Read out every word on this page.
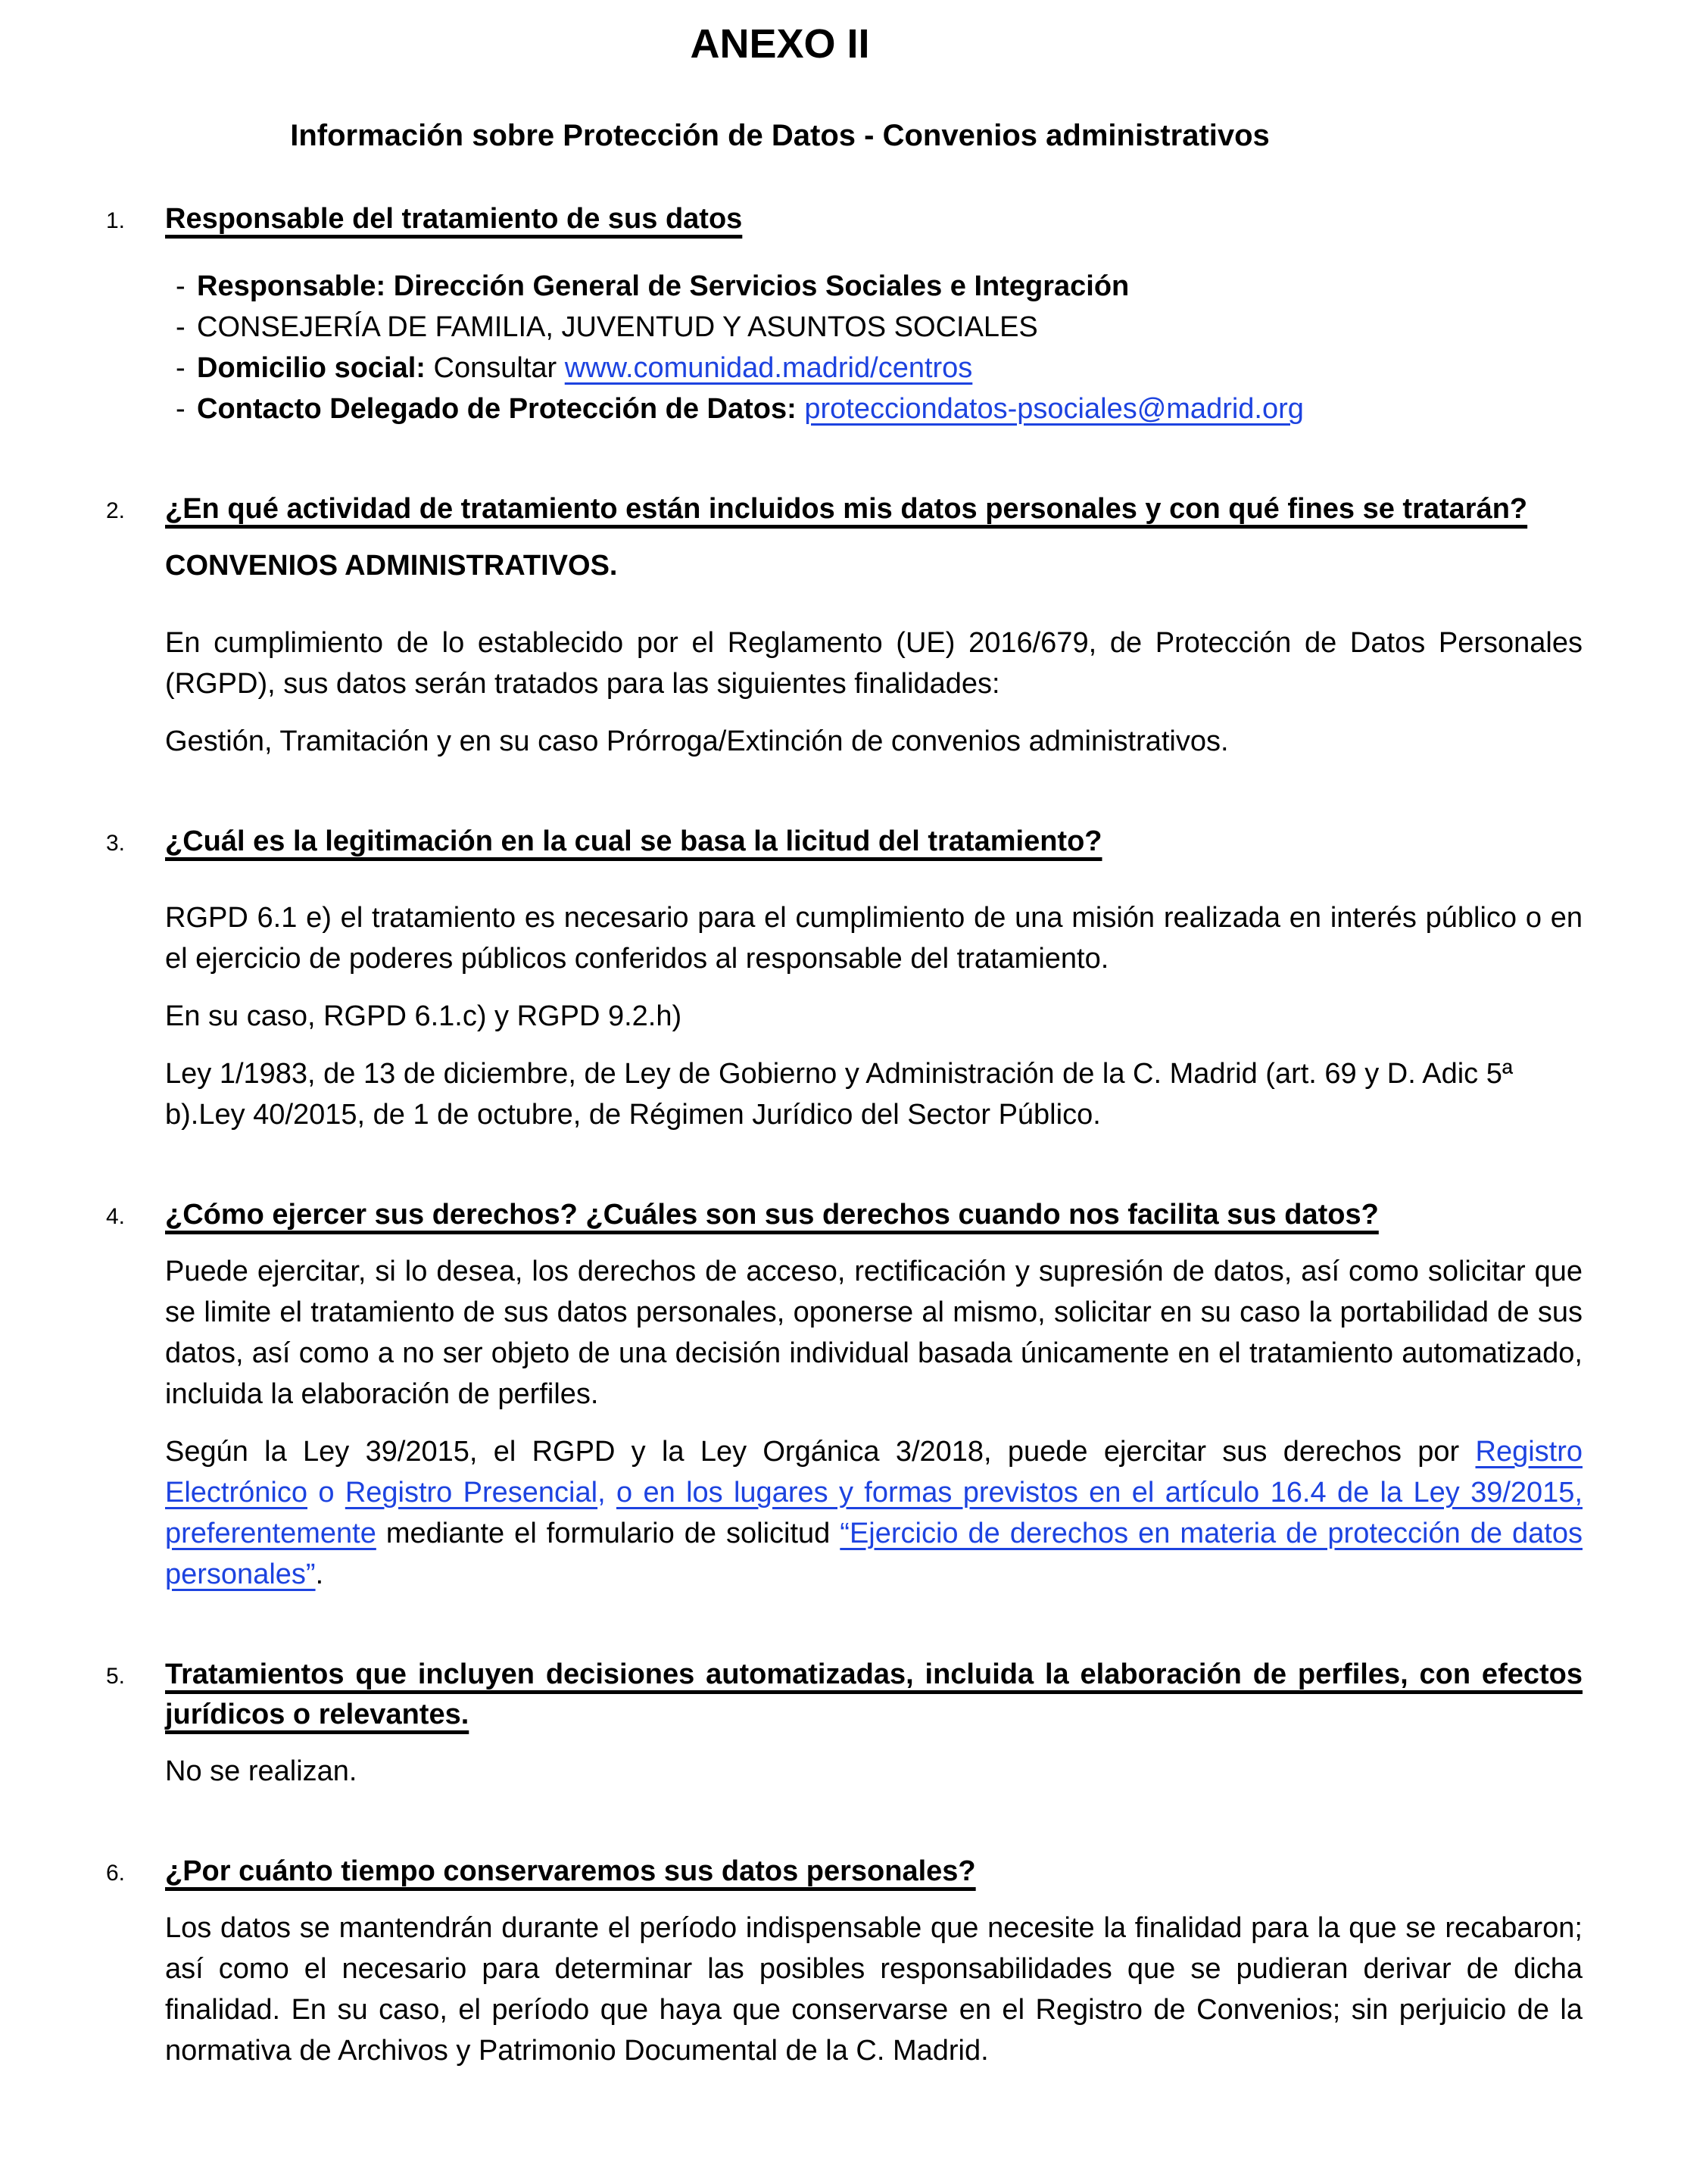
ANEXO II
Información sobre Protección de Datos - Convenios administrativos
1.	Responsable del tratamiento de sus datos
- Responsable: Dirección General de Servicios Sociales e Integración
- CONSEJERÍA DE FAMILIA, JUVENTUD Y ASUNTOS SOCIALES
- Domicilio social: Consultar www.comunidad.madrid/centros
- Contacto Delegado de Protección de Datos: protecciondatos-psociales@madrid.org
2.	¿En qué actividad de tratamiento están incluidos mis datos personales y con qué fines se tratarán?

CONVENIOS ADMINISTRATIVOS.

En cumplimiento de lo establecido por el Reglamento (UE) 2016/679, de Protección de Datos Personales (RGPD), sus datos serán tratados para las siguientes finalidades:

Gestión, Tramitación y en su caso Prórroga/Extinción de convenios administrativos.

3.	¿Cuál es la legitimación en la cual se basa la licitud del tratamiento?

RGPD 6.1 e) el tratamiento es necesario para el cumplimiento de una misión realizada en interés público o en el ejercicio de poderes públicos conferidos al responsable del tratamiento.

En su caso, RGPD 6.1.c) y RGPD 9.2.h)

Ley 1/1983, de 13 de diciembre, de Ley de Gobierno y Administración de la C. Madrid (art. 69 y D. Adic 5ª b).Ley 40/2015, de 1 de octubre, de Régimen Jurídico del Sector Público.

4.	¿Cómo ejercer sus derechos? ¿Cuáles son sus derechos cuando nos facilita sus datos?

Puede ejercitar, si lo desea, los derechos de acceso, rectificación y supresión de datos, así como solicitar que se limite el tratamiento de sus datos personales, oponerse al mismo, solicitar en su caso la portabilidad de sus datos, así como a no ser objeto de una decisión individual basada únicamente en el tratamiento automatizado, incluida la elaboración de perfiles.

Según la Ley 39/2015, el RGPD y la Ley Orgánica 3/2018, puede ejercitar sus derechos por Registro Electrónico o Registro Presencial, o en los lugares y formas previstos en el artículo 16.4 de la Ley 39/2015, preferentemente mediante el formulario de solicitud “Ejercicio de derechos en materia de protección de datos personales”.

5.	Tratamientos que incluyen decisiones automatizadas, incluida la elaboración de perfiles, con efectos jurídicos o relevantes.

No se realizan.

6.	¿Por cuánto tiempo conservaremos sus datos personales?

Los datos se mantendrán durante el período indispensable que necesite la finalidad para la que se recabaron; así como el necesario para determinar las posibles responsabilidades que se pudieran derivar de dicha finalidad. En su caso, el período que haya que conservarse en el Registro de Convenios; sin perjuicio de la normativa de Archivos y Patrimonio Documental de la C. Madrid.
